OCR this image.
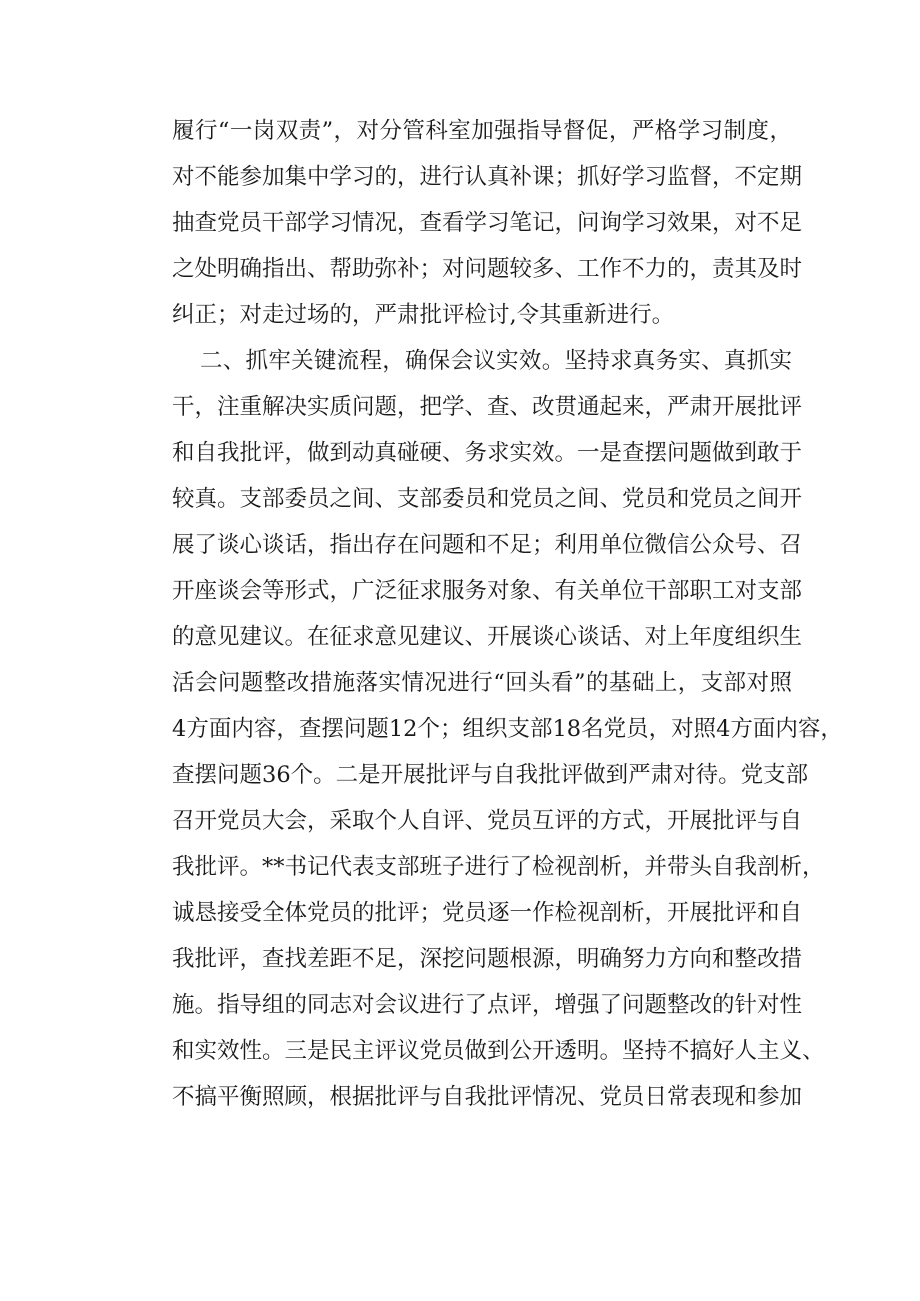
履行“一岗双责”，对分管科室加强指导督促，严格学习制度，
对不能参加集中学习的，进行认真补课；抓好学习监督，不定期
抽查党员干部学习情况，查看学习笔记，问询学习效果，对不足
之处明确指出、帮助弥补；对问题较多、工作不力的，责其及时
纠正；对走过场的，严肃批评检讨,令其重新进行。
二、抓牢关键流程，确保会议实效。坚持求真务实、真抓实
干，注重解决实质问题，把学、查、改贯通起来，严肃开展批评
和自我批评，做到动真碰硬、务求实效。一是查摆问题做到敢于
较真。支部委员之间、支部委员和党员之间、党员和党员之间开
展了谈心谈话，指出存在问题和不足；利用单位微信公众号、召
开座谈会等形式，广泛征求服务对象、有关单位干部职工对支部
的意见建议。在征求意见建议、开展谈心谈话、对上年度组织生
活会问题整改措施落实情况进行“回头看”的基础上，支部对照
4方面内容，查摆问题12个；组织支部18名党员，对照4方面内容，
查摆问题36个。二是开展批评与自我批评做到严肃对待。党支部
召开党员大会，采取个人自评、党员互评的方式，开展批评与自
我批评。**书记代表支部班子进行了检视剖析，并带头自我剖析，
诚恳接受全体党员的批评；党员逐一作检视剖析，开展批评和自
我批评，查找差距不足，深挖问题根源，明确努力方向和整改措
施。指导组的同志对会议进行了点评，增强了问题整改的针对性
和实效性。三是民主评议党员做到公开透明。坚持不搞好人主义、
不搞平衡照顾，根据批评与自我批评情况、党员日常表现和参加
